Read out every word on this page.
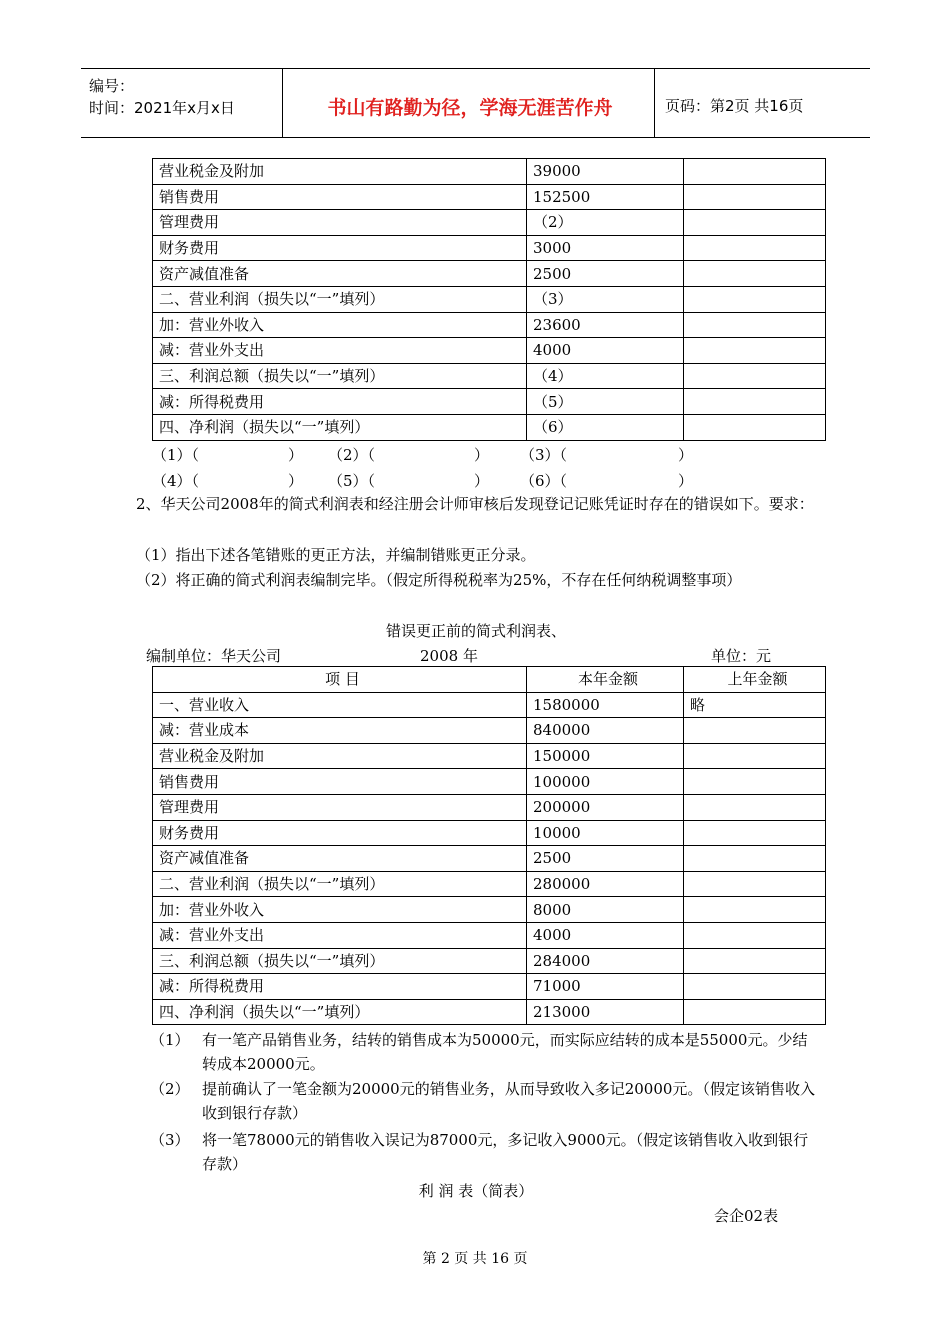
编号：
时间：2021年x月x日	书山有路勤为径，学海无涯苦作舟	页码：第2页 共16页
营业税金及附加	39000	
销售费用	152500	
管理费用	（2）	
财务费用	3000	
资产减值准备	2500	
二、营业利润（损失以“一”填列）	（3）	
加：营业外收入	23600	
减：营业外支出	4000	
三、利润总额（损失以“一”填列）	（4）	
减：所得税费用	（5）	
四、净利润（损失以“一”填列）	（6）	
（1）（	） （2）（	） （3）（	）
（4）（	） （5）（	） （6）（	）
2、华天公司2008年的简式利润表和经注册会计师审核后发现登记记账凭证时存在的错误如下。要求：
（1）指出下述各笔错账的更正方法，并编制错账更正分录。
（2）将正确的简式利润表编制完毕。（假定所得税税率为25%，不存在任何纳税调整事项）
错误更正前的简式利润表、
编制单位：华天公司	2008 年	单位：元
项 目	本年金额	上年金额
一、营业收入	1580000	略
减：营业成本	840000	
营业税金及附加	150000	
销售费用	100000	
管理费用	200000	
财务费用	10000	
资产减值准备	2500	
二、营业利润（损失以“一”填列）	280000	
加：营业外收入	8000	
减：营业外支出	4000	
三、利润总额（损失以“一”填列）	284000	
减：所得税费用	71000	
四、净利润（损失以“一”填列）	213000	
（1） 有一笔产品销售业务，结转的销售成本为50000元，而实际应结转的成本是55000元。少结转成本20000元。
（2） 提前确认了一笔金额为20000元的销售业务，从而导致收入多记20000元。（假定该销售收入收到银行存款）
（3） 将一笔78000元的销售收入误记为87000元，多记收入9000元。（假定该销售收入收到银行存款）
利 润 表（简表）
会企02表
第 2 页 共 16 页
